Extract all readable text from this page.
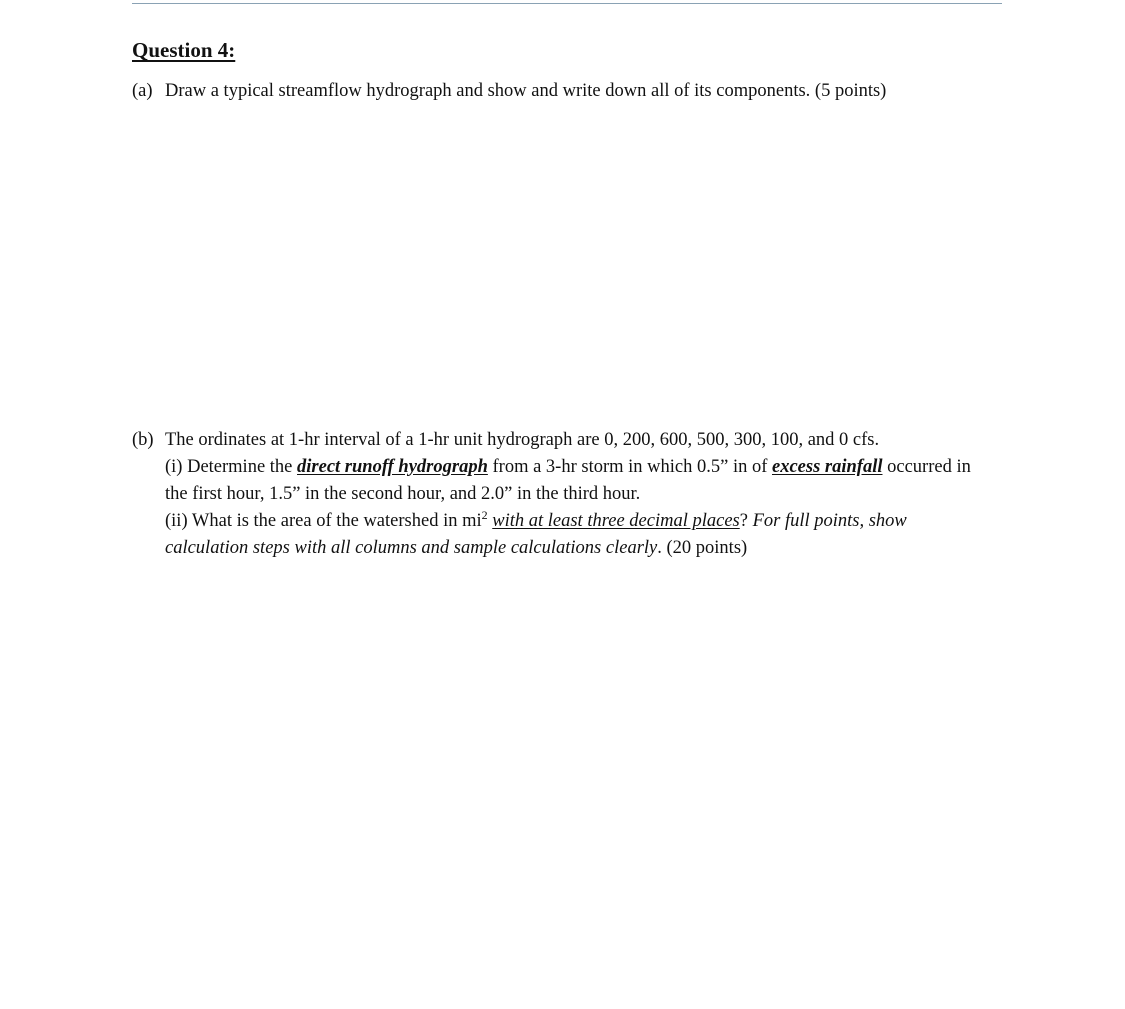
Question 4:
(a) Draw a typical streamflow hydrograph and show and write down all of its components. (5 points)
(b) The ordinates at 1-hr interval of a 1-hr unit hydrograph are 0, 200, 600, 500, 300, 100, and 0 cfs.
(i) Determine the direct runoff hydrograph from a 3-hr storm in which 0.5” in of excess rainfall occurred in
the first hour, 1.5” in the second hour, and 2.0” in the third hour.
(ii) What is the area of the watershed in $mi^2$ with at least three decimal places? For full points, show
calculation steps with all columns and sample calculations clearly. (20 points)
